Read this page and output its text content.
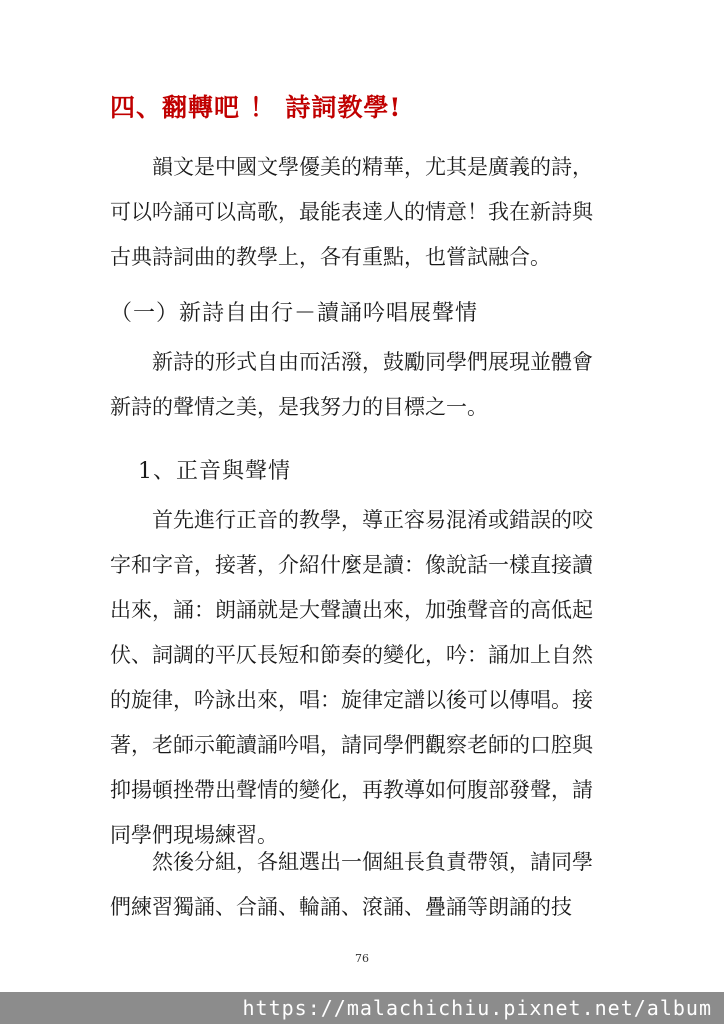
四、翻轉吧 ！ 詩詞教學!
韻文是中國文學優美的精華，尤其是廣義的詩，
可以吟誦可以高歌，最能表達人的情意！我在新詩與
古典詩詞曲的教學上，各有重點，也嘗試融合。
（一）新詩自由行－讀誦吟唱展聲情
新詩的形式自由而活潑，鼓勵同學們展現並體會
新詩的聲情之美，是我努力的目標之一。
1、正音與聲情
首先進行正音的教學，導正容易混淆或錯誤的咬
字和字音，接著，介紹什麼是讀：像說話一樣直接讀
出來，誦：朗誦就是大聲讀出來，加強聲音的高低起
伏、詞調的平仄長短和節奏的變化，吟：誦加上自然
的旋律，吟詠出來，唱：旋律定譜以後可以傳唱。接
著，老師示範讀誦吟唱，請同學們觀察老師的口腔與
抑揚頓挫帶出聲情的變化，再教導如何腹部發聲，請
同學們現場練習。
然後分組，各組選出一個組長負責帶領，請同學
們練習獨誦、合誦、輪誦、滾誦、疊誦等朗誦的技
76
https://malachichiu.pixnet.net/album
